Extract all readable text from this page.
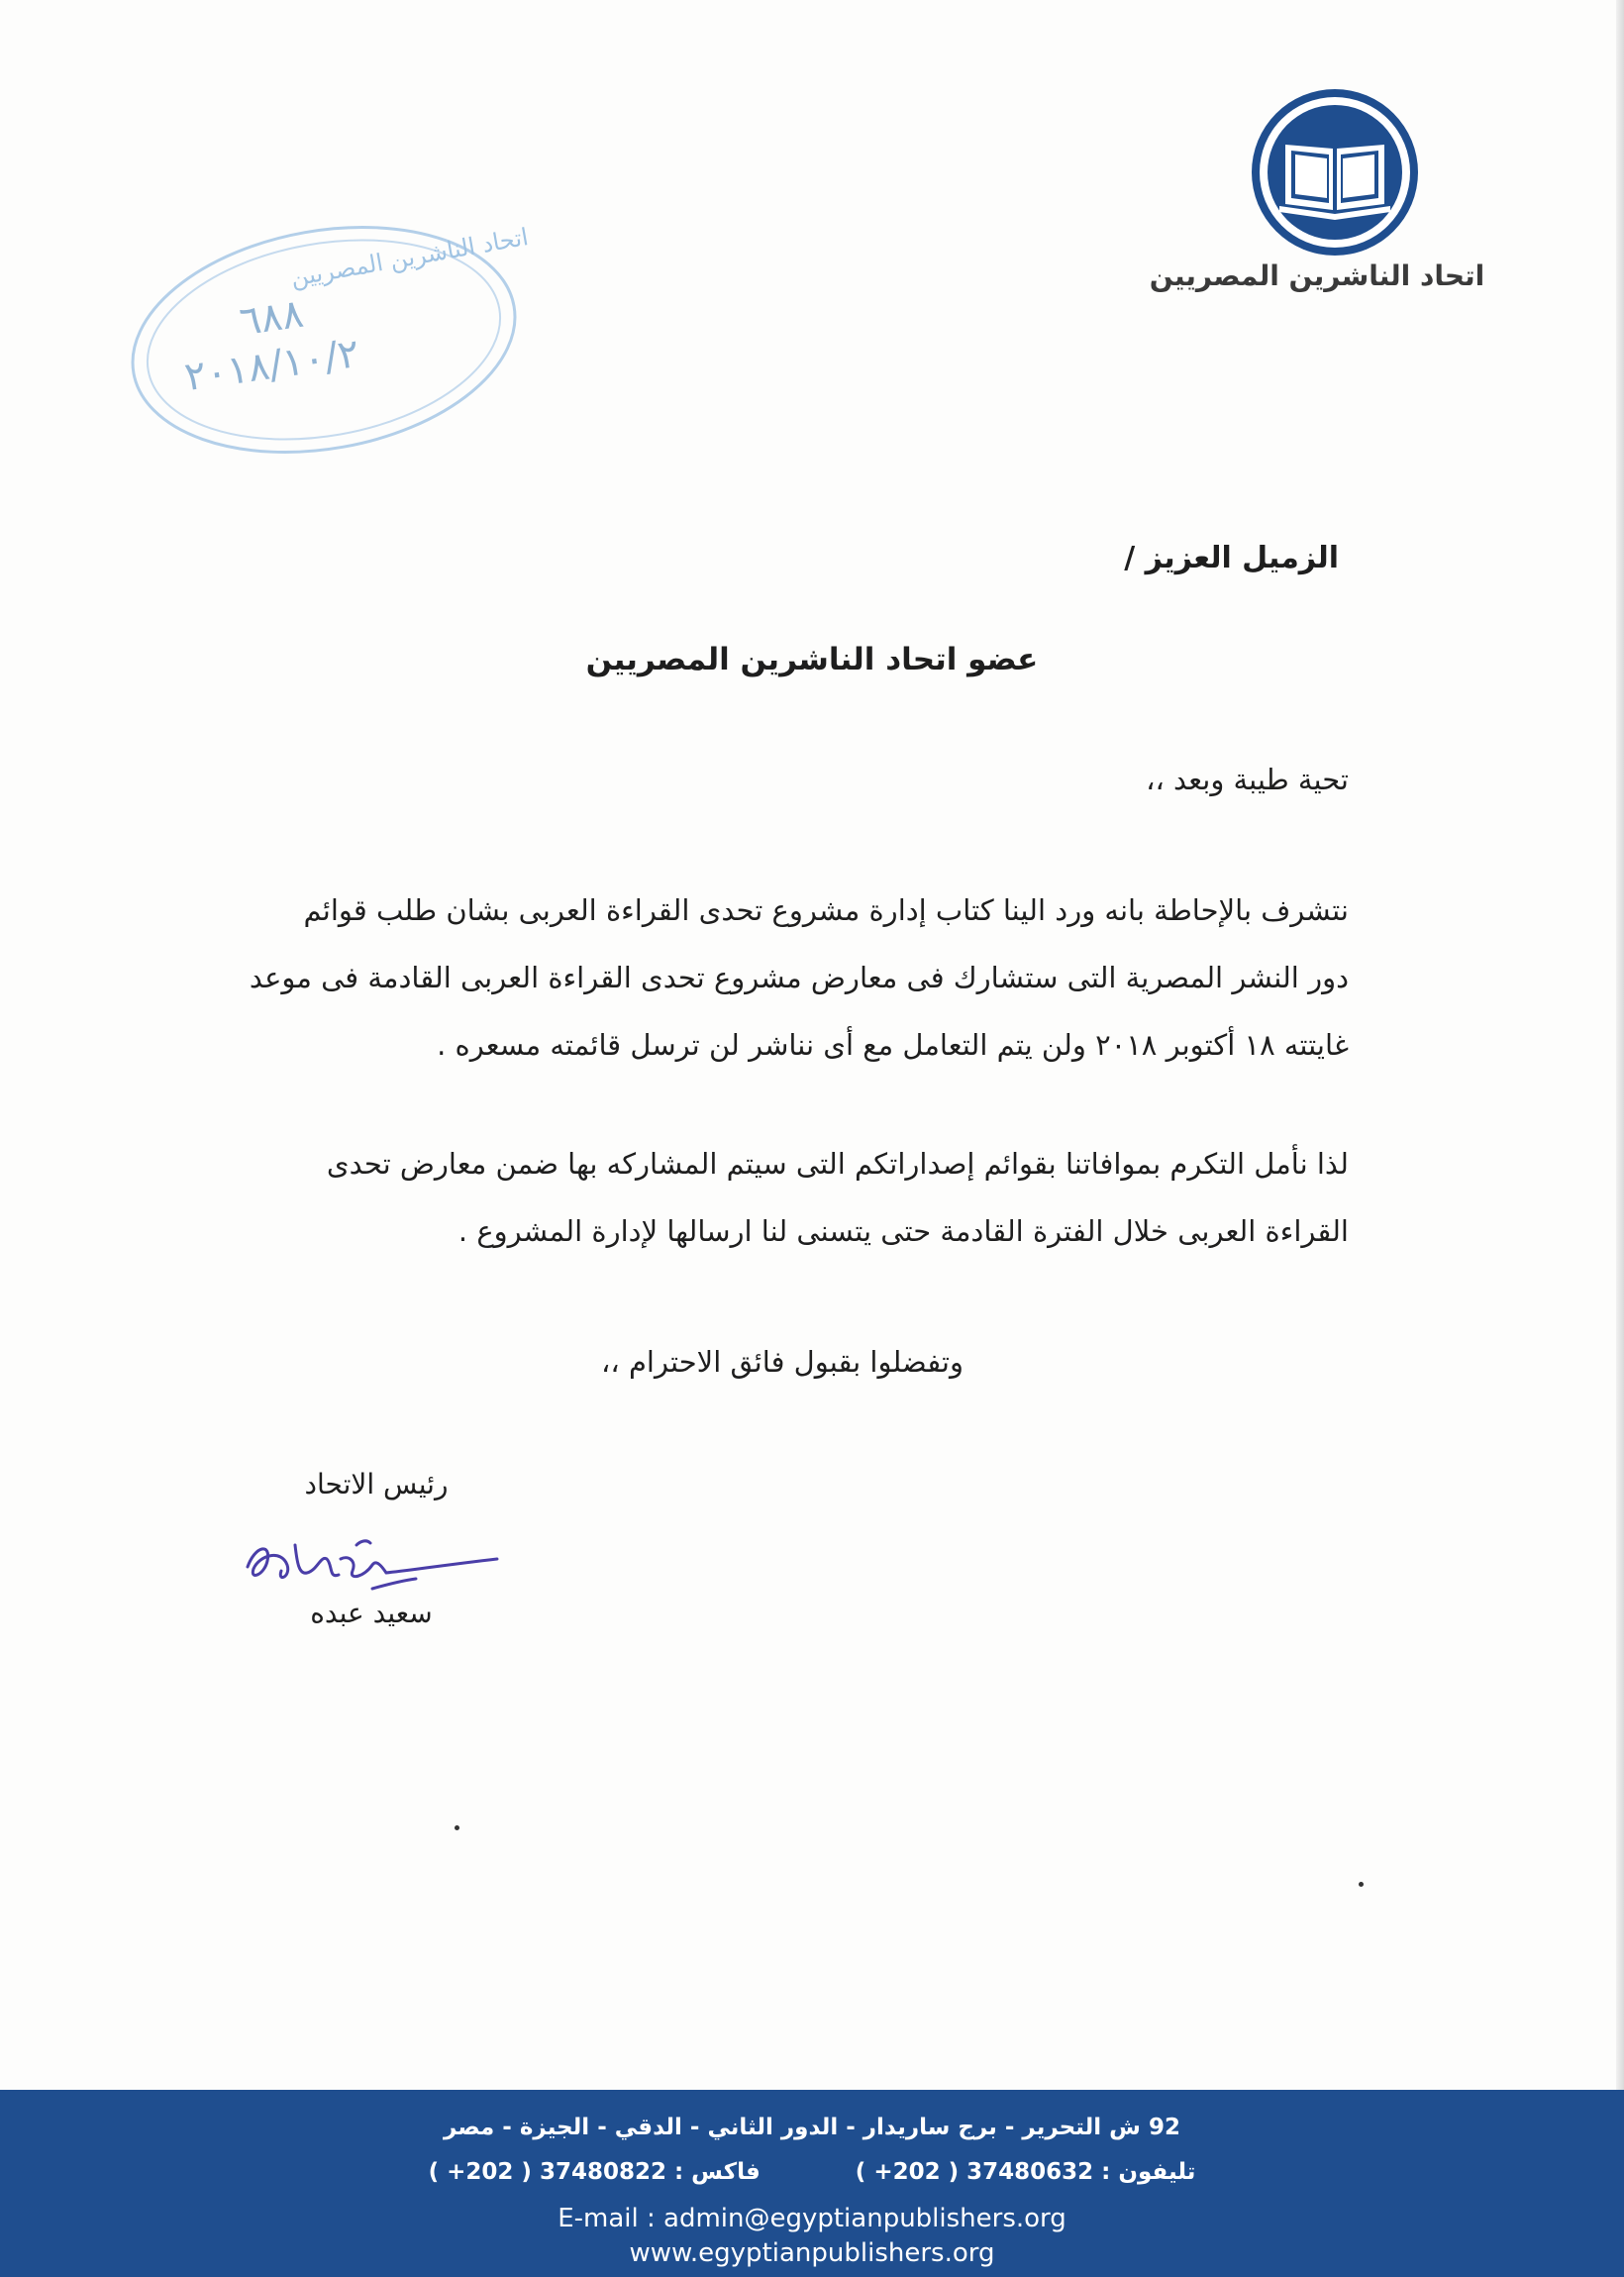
اتحاد الناشرين المصريين
اتحاد الناشرين المصريين
٦٨٨
٢٠١٨/١٠/٢
الزميل العزيز /
عضو اتحاد الناشرين المصريين
تحية طيبة وبعد ،،
نتشرف بالإحاطة بانه ورد الينا كتاب إدارة مشروع تحدى القراءة العربى بشان طلب قوائم
دور النشر المصرية التى ستشارك فى معارض مشروع تحدى القراءة العربى القادمة فى موعد
غايتته ١٨ أكتوبر ٢٠١٨ ولن يتم التعامل مع أى نناشر لن ترسل قائمته مسعره .
لذا نأمل التكرم بموافاتنا بقوائم إصداراتكم التى سيتم المشاركه بها ضمن معارض تحدى
القراءة العربى خلال الفترة القادمة حتى يتسنى لنا ارسالها لإدارة المشروع .
وتفضلوا بقبول فائق الاحترام ،،
رئيس الاتحاد
سعيد عبده
92 ش التحرير - برج ساريدار - الدور الثاني - الدقي - الجيزة - مصر
تليفون : 37480632 ( 202+ )  فاكس : 37480822 ( 202+ )
E-mail : admin@egyptianpublishers.org
www.egyptianpublishers.org
